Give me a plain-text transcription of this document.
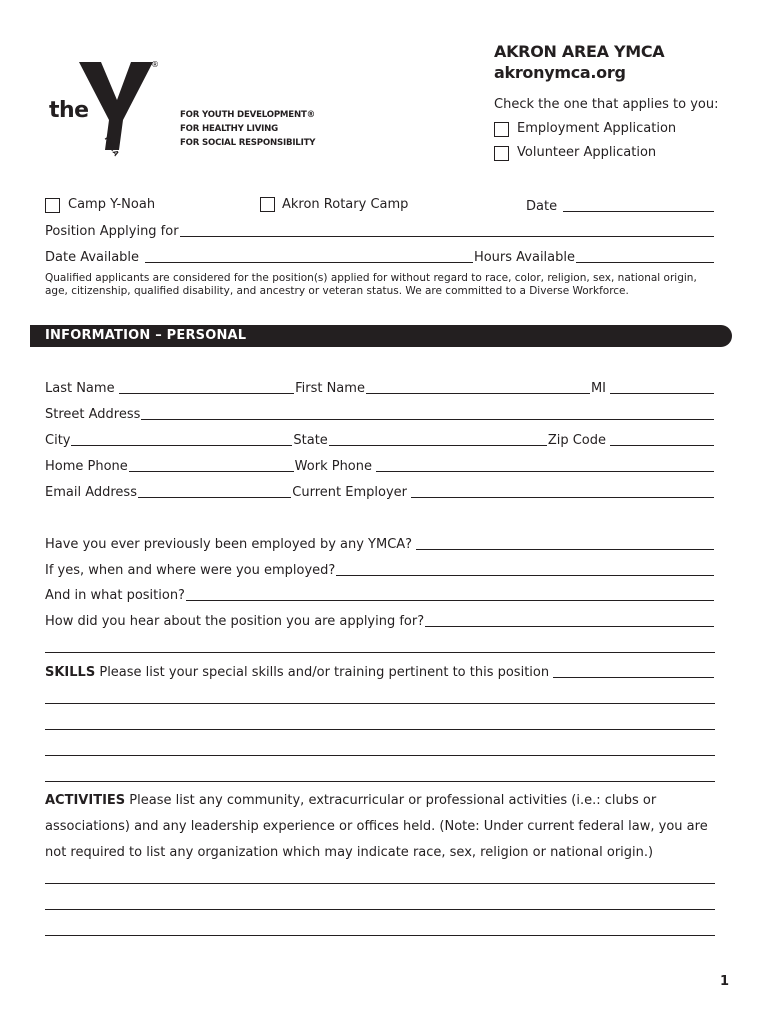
the
®
YMCA
FOR YOUTH DEVELOPMENT®
FOR HEALTHY LIVING
FOR SOCIAL RESPONSIBILITY
AKRON AREA YMCA
akronymca.org
Check the one that applies to you:
Employment Application
Volunteer Application
Camp Y-Noah	Akron Rotary Camp	Date
Position Applying for
Date Available	Hours Available
Qualified applicants are considered for the position(s) applied for without regard to race, color, religion, sex, national origin, age, citizenship, qualified disability, and ancestry or veteran status. We are committed to a Diverse Workforce.
INFORMATION – PERSONAL
Last Name	First Name	MI
Street Address
City	State	Zip Code
Home Phone	Work Phone
Email Address	Current Employer
Have you ever previously been employed by any YMCA?
If yes, when and where were you employed?
And in what position?
How did you hear about the position you are applying for?
SKILLS Please list your special skills and/or training pertinent to this position
ACTIVITIES Please list any community, extracurricular or professional activities (i.e.: clubs or associations) and any leadership experience or offices held. (Note: Under current federal law, you are not required to list any organization which may indicate race, sex, religion or national origin.)
1
